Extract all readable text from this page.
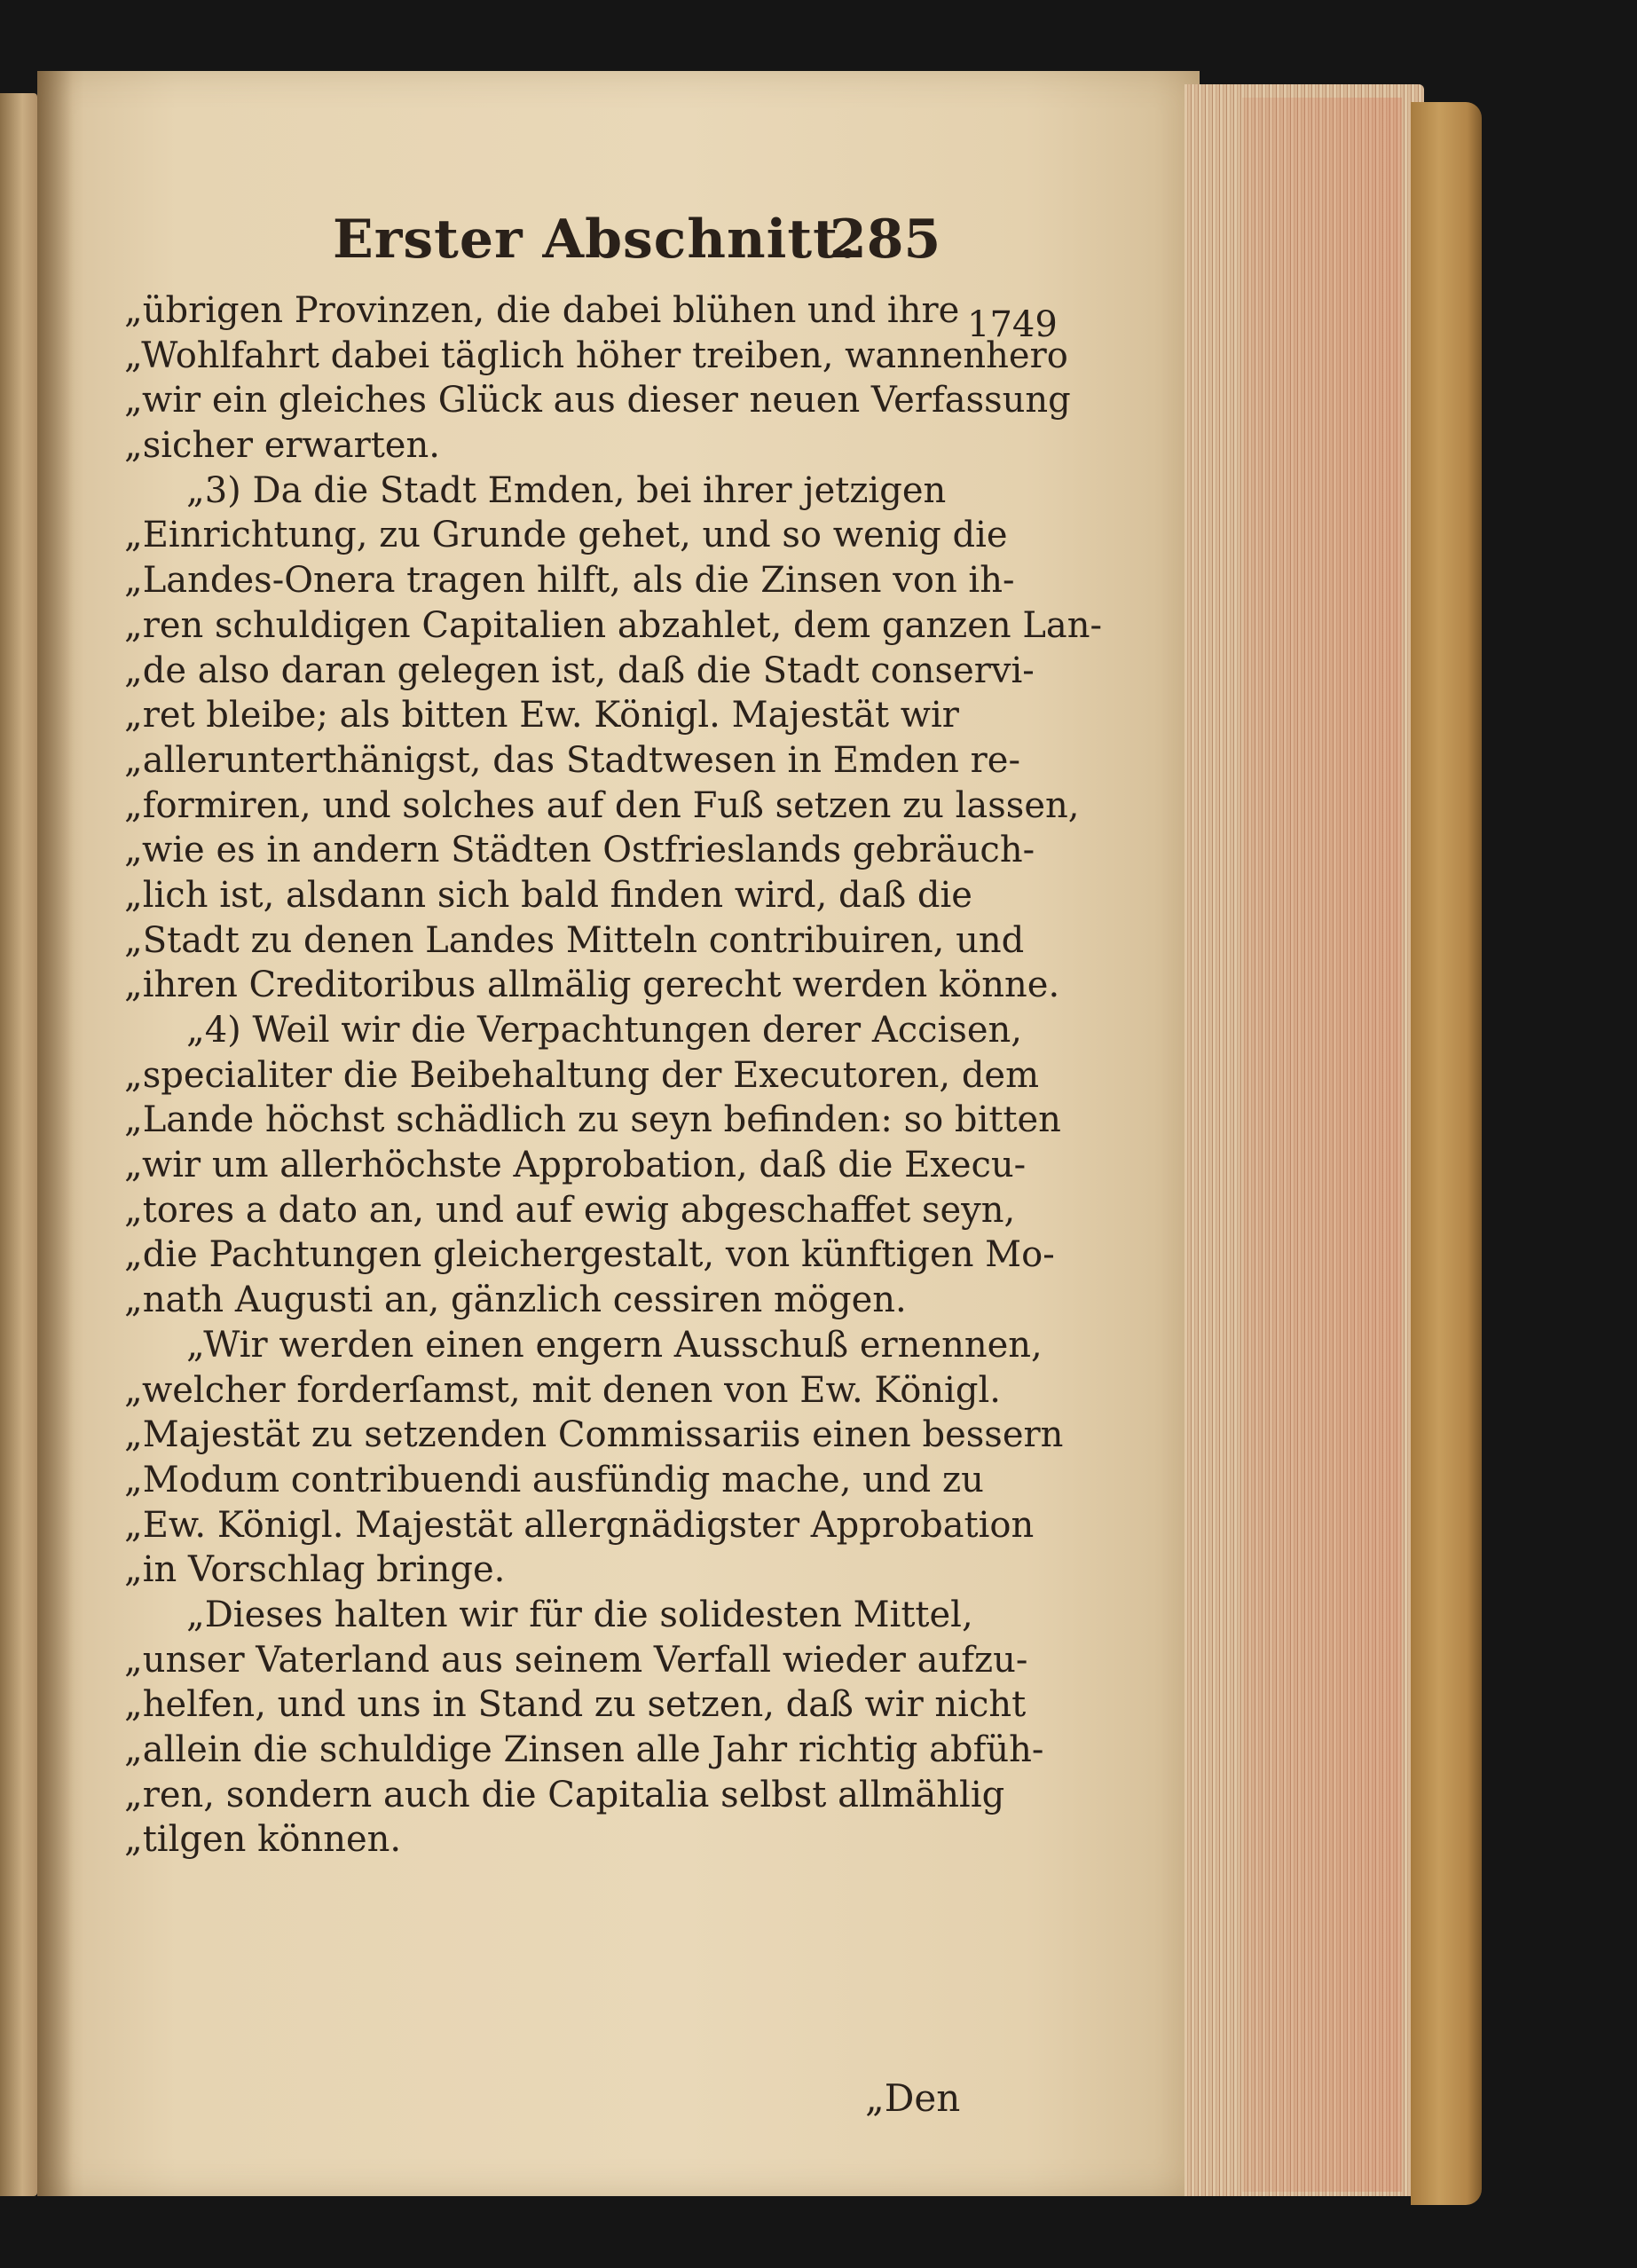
Erster Abschnitt.
285
1749
„übrigen Provinzen, die dabei blühen und ihre
„Wohlfahrt dabei täglich höher treiben, wannenhero
„wir ein gleiches Glück aus dieser neuen Verfassung
„sicher erwarten.
„3) Da die Stadt Emden, bei ihrer jetzigen
„Einrichtung, zu Grunde gehet, und so wenig die
„Landes-Onera tragen hilft, als die Zinsen von ih-
„ren schuldigen Capitalien abzahlet, dem ganzen Lan-
„de also daran gelegen ist, daß die Stadt conservi-
„ret bleibe; als bitten Ew. Königl. Majestät wir
„allerunterthänigst, das Stadtwesen in Emden re-
„formiren, und solches auf den Fuß setzen zu lassen,
„wie es in andern Städten Ostfrieslands gebräuch-
„lich ist, alsdann sich bald finden wird, daß die
„Stadt zu denen Landes Mitteln contribuiren, und
„ihren Creditoribus allmälig gerecht werden könne.
„4) Weil wir die Verpachtungen derer Accisen,
„specialiter die Beibehaltung der Executoren, dem
„Lande höchst schädlich zu seyn befinden: so bitten
„wir um allerhöchste Approbation, daß die Execu-
„tores a dato an, und auf ewig abgeschaffet seyn,
„die Pachtungen gleichergestalt, von künftigen Mo-
„nath Augusti an, gänzlich cessiren mögen.
„Wir werden einen engern Ausschuß ernennen,
„welcher forderſamst, mit denen von Ew. Königl.
„Majestät zu setzenden Commissariis einen bessern
„Modum contribuendi ausfündig mache, und zu
„Ew. Königl. Majestät allergnädigster Approbation
„in Vorschlag bringe.
„Dieses halten wir für die solidesten Mittel,
„unser Vaterland aus seinem Verfall wieder aufzu-
„helfen, und uns in Stand zu setzen, daß wir nicht
„allein die schuldige Zinsen alle Jahr richtig abfüh-
„ren, sondern auch die Capitalia selbst allmählig
„tilgen können.
„Den
